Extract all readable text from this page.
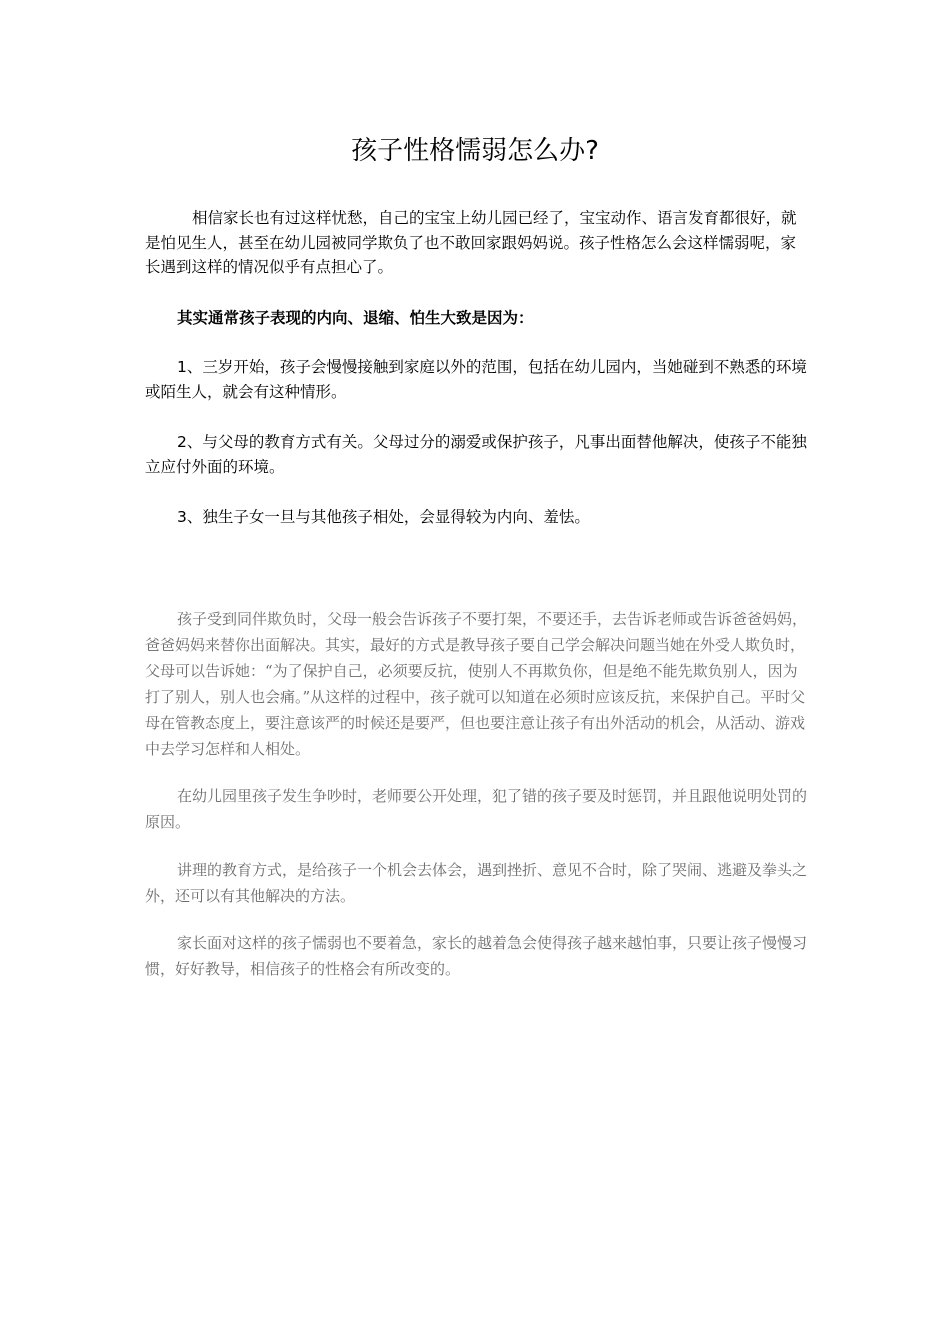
孩子性格懦弱怎么办?

相信家长也有过这样忧愁，自己的宝宝上幼儿园已经了，宝宝动作、语言发育都很好，就是怕见生人，甚至在幼儿园被同学欺负了也不敢回家跟妈妈说。孩子性格怎么会这样懦弱呢，家长遇到这样的情况似乎有点担心了。

其实通常孩子表现的内向、退缩、怕生大致是因为：

1、三岁开始，孩子会慢慢接触到家庭以外的范围，包括在幼儿园内，当她碰到不熟悉的环境或陌生人，就会有这种情形。

2、与父母的教育方式有关。父母过分的溺爱或保护孩子，凡事出面替他解决，使孩子不能独立应付外面的环境。

3、独生子女一旦与其他孩子相处，会显得较为内向、羞怯。

孩子受到同伴欺负时，父母一般会告诉孩子不要打架，不要还手，去告诉老师或告诉爸爸妈妈，爸爸妈妈来替你出面解决。其实，最好的方式是教导孩子要自己学会解决问题当她在外受人欺负时，父母可以告诉她：“为了保护自己，必须要反抗，使别人不再欺负你，但是绝不能先欺负别人，因为打了别人，别人也会痛。”从这样的过程中，孩子就可以知道在必须时应该反抗，来保护自己。平时父母在管教态度上，要注意该严的时候还是要严，但也要注意让孩子有出外活动的机会，从活动、游戏中去学习怎样和人相处。

在幼儿园里孩子发生争吵时，老师要公开处理，犯了错的孩子要及时惩罚，并且跟他说明处罚的原因。

讲理的教育方式，是给孩子一个机会去体会，遇到挫折、意见不合时，除了哭闹、逃避及拳头之外，还可以有其他解决的方法。

家长面对这样的孩子懦弱也不要着急，家长的越着急会使得孩子越来越怕事，只要让孩子慢慢习惯，好好教导，相信孩子的性格会有所改变的。
